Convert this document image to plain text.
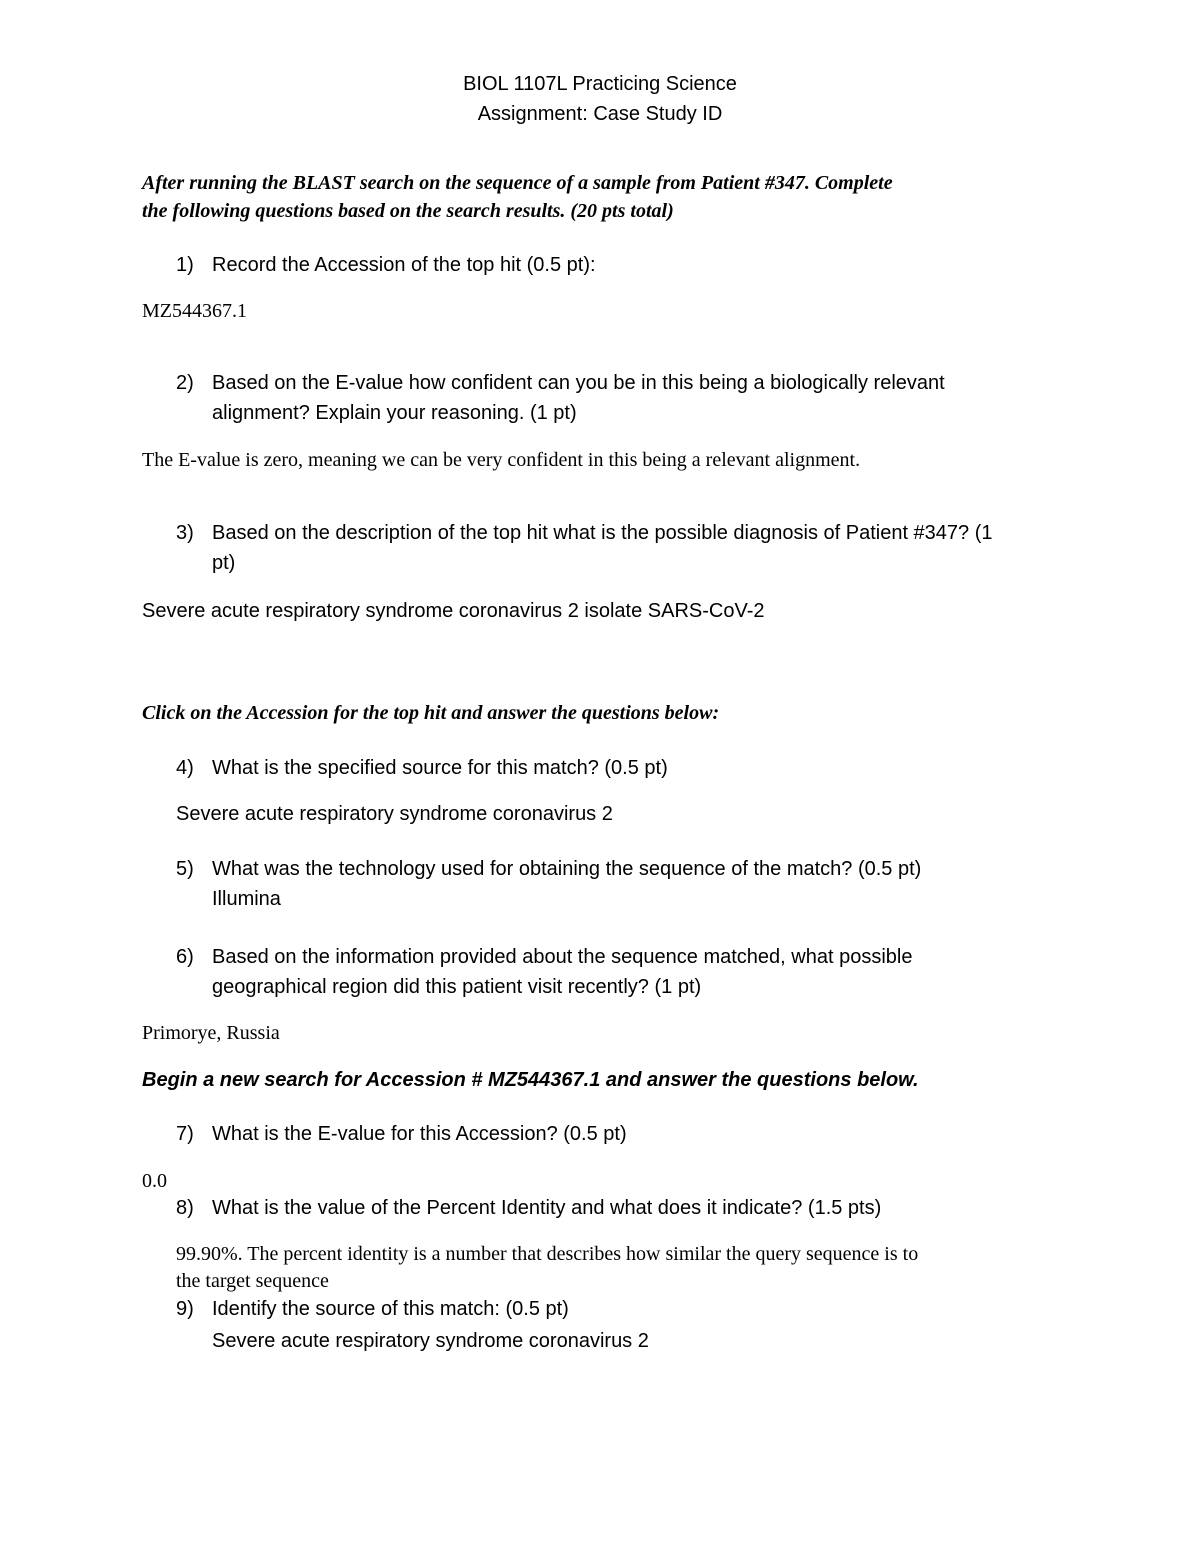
BIOL 1107L Practicing Science
Assignment: Case Study ID
After running the BLAST search on the sequence of a sample from Patient #347. Complete
the following questions based on the search results. (20 pts total)
1) Record the Accession of the top hit (0.5 pt):
MZ544367.1
2) Based on the E-value how confident can you be in this being a biologically relevant
alignment? Explain your reasoning. (1 pt)
The E-value is zero, meaning we can be very confident in this being a relevant alignment.
3) Based on the description of the top hit what is the possible diagnosis of Patient #347? (1
pt)
Severe acute respiratory syndrome coronavirus 2 isolate SARS-CoV-2
Click on the Accession for the top hit and answer the questions below:
4) What is the specified source for this match? (0.5 pt)
Severe acute respiratory syndrome coronavirus 2
5) What was the technology used for obtaining the sequence of the match? (0.5 pt)
Illumina
6) Based on the information provided about the sequence matched, what possible
geographical region did this patient visit recently? (1 pt)
Primorye, Russia
Begin a new search for Accession # MZ544367.1 and answer the questions below.
7) What is the E-value for this Accession? (0.5 pt)
0.0
8) What is the value of the Percent Identity and what does it indicate? (1.5 pts)
99.90%. The percent identity is a number that describes how similar the query sequence is to
the target sequence
9) Identify the source of this match: (0.5 pt)
Severe acute respiratory syndrome coronavirus 2
